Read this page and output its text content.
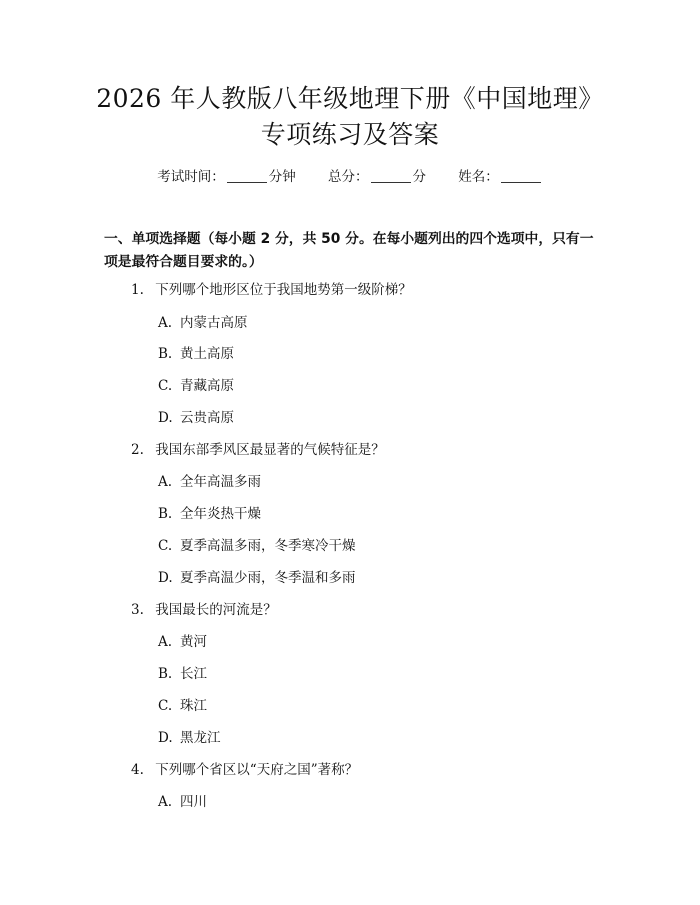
2026 年人教版八年级地理下册《中国地理》
专项练习及答案
考试时间：	分钟 总分：	分 姓名：
一、单项选择题（每小题 2 分，共 50 分。在每小题列出的四个选项中，只有一项是最符合题目要求的。）
1. 下列哪个地形区位于我国地势第一级阶梯？
A. 内蒙古高原
B. 黄土高原
C. 青藏高原
D. 云贵高原
2. 我国东部季风区最显著的气候特征是？
A. 全年高温多雨
B. 全年炎热干燥
C. 夏季高温多雨，冬季寒冷干燥
D. 夏季高温少雨，冬季温和多雨
3. 我国最长的河流是？
A. 黄河
B. 长江
C. 珠江
D. 黑龙江
4. 下列哪个省区以“天府之国”著称？
A. 四川
